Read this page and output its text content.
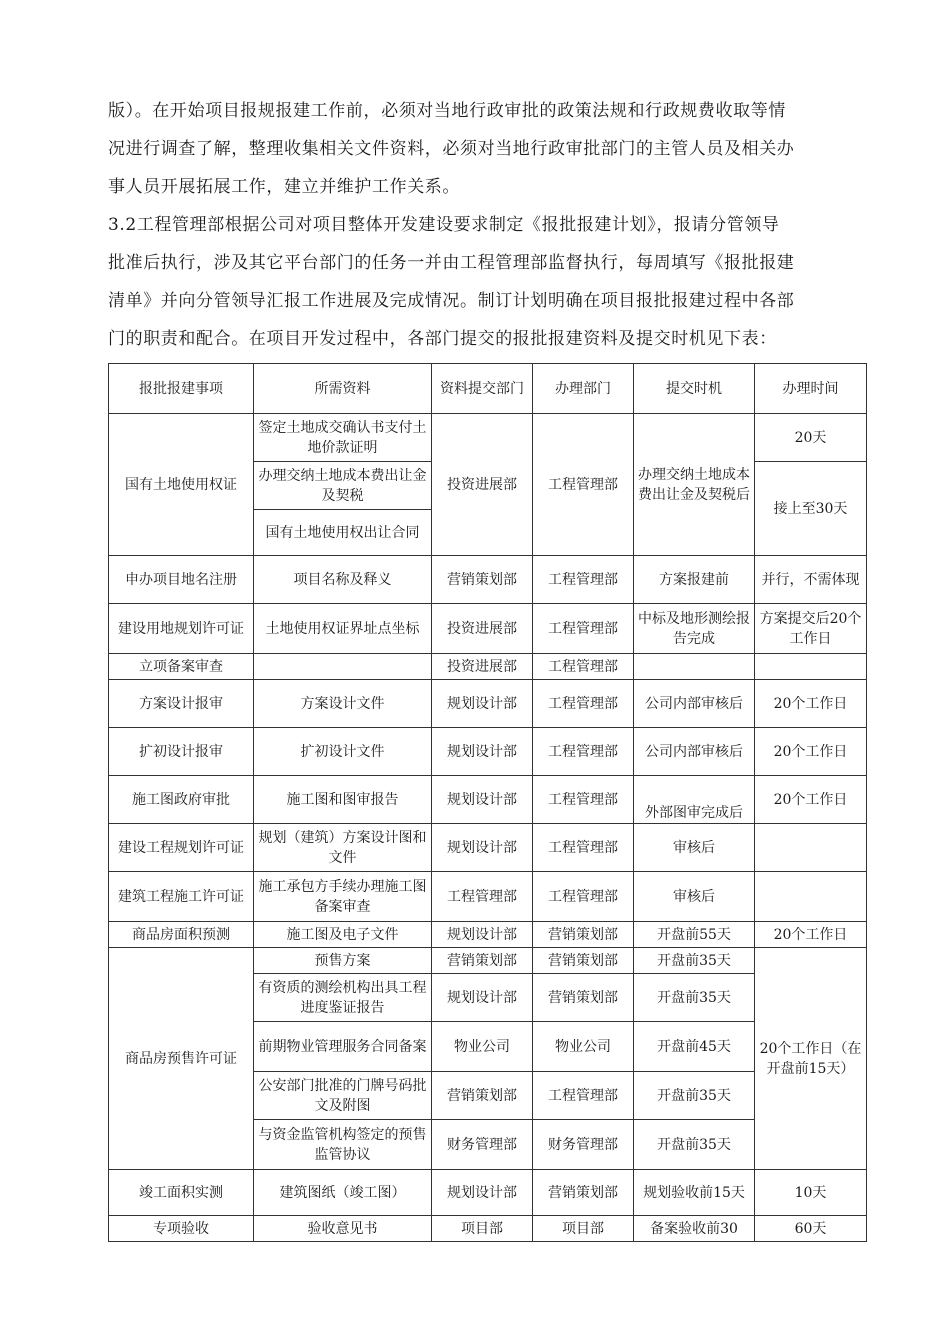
版）。在开始项目报规报建工作前，必须对当地行政审批的政策法规和行政规费收取等情
况进行调查了解，整理收集相关文件资料，必须对当地行政审批部门的主管人员及相关办
事人员开展拓展工作，建立并维护工作关系。
3.2工程管理部根据公司对项目整体开发建设要求制定《报批报建计划》，报请分管领导
批准后执行，涉及其它平台部门的任务一并由工程管理部监督执行，每周填写《报批报建
清单》并向分管领导汇报工作进展及完成情况。制订计划明确在项目报批报建过程中各部
门的职责和配合。在项目开发过程中，各部门提交的报批报建资料及提交时机见下表：
报批报建事项	所需资料	资料提交部门	办理部门	提交时机	办理时间
国有土地使用权证	签定土地成交确认书支付土地价款证明	投资进展部	工程管理部	办理交纳土地成本费出让金及契税后	20天
	办理交纳土地成本费出让金及契税				接上至30天
	国有土地使用权出让合同				
申办项目地名注册	项目名称及释义	营销策划部	工程管理部	方案报建前	并行，不需体现
建设用地规划许可证	土地使用权证界址点坐标	投资进展部	工程管理部	中标及地形测绘报告完成	方案提交后20个工作日
立项备案审查		投资进展部	工程管理部		
方案设计报审	方案设计文件	规划设计部	工程管理部	公司内部审核后	20个工作日
扩初设计报审	扩初设计文件	规划设计部	工程管理部	公司内部审核后	20个工作日
施工图政府审批	施工图和图审报告	规划设计部	工程管理部	外部图审完成后	20个工作日
建设工程规划许可证	规划（建筑）方案设计图和文件	规划设计部	工程管理部	审核后	
建筑工程施工许可证	施工承包方手续办理施工图备案审查	工程管理部	工程管理部	审核后	
商品房面积预测	施工图及电子文件	规划设计部	营销策划部	开盘前55天	20个工作日
商品房预售许可证	预售方案	营销策划部	营销策划部	开盘前35天	20个工作日（在开盘前15天）
	有资质的测绘机构出具工程进度鉴证报告	规划设计部	营销策划部	开盘前35天	
	前期物业管理服务合同备案	物业公司	物业公司	开盘前45天	
	公安部门批准的门牌号码批文及附图	营销策划部	工程管理部	开盘前35天	
	与资金监管机构签定的预售监管协议	财务管理部	财务管理部	开盘前35天	
竣工面积实测	建筑图纸（竣工图）	规划设计部	营销策划部	规划验收前15天	10天
专项验收	验收意见书	项目部	项目部	备案验收前30	60天
